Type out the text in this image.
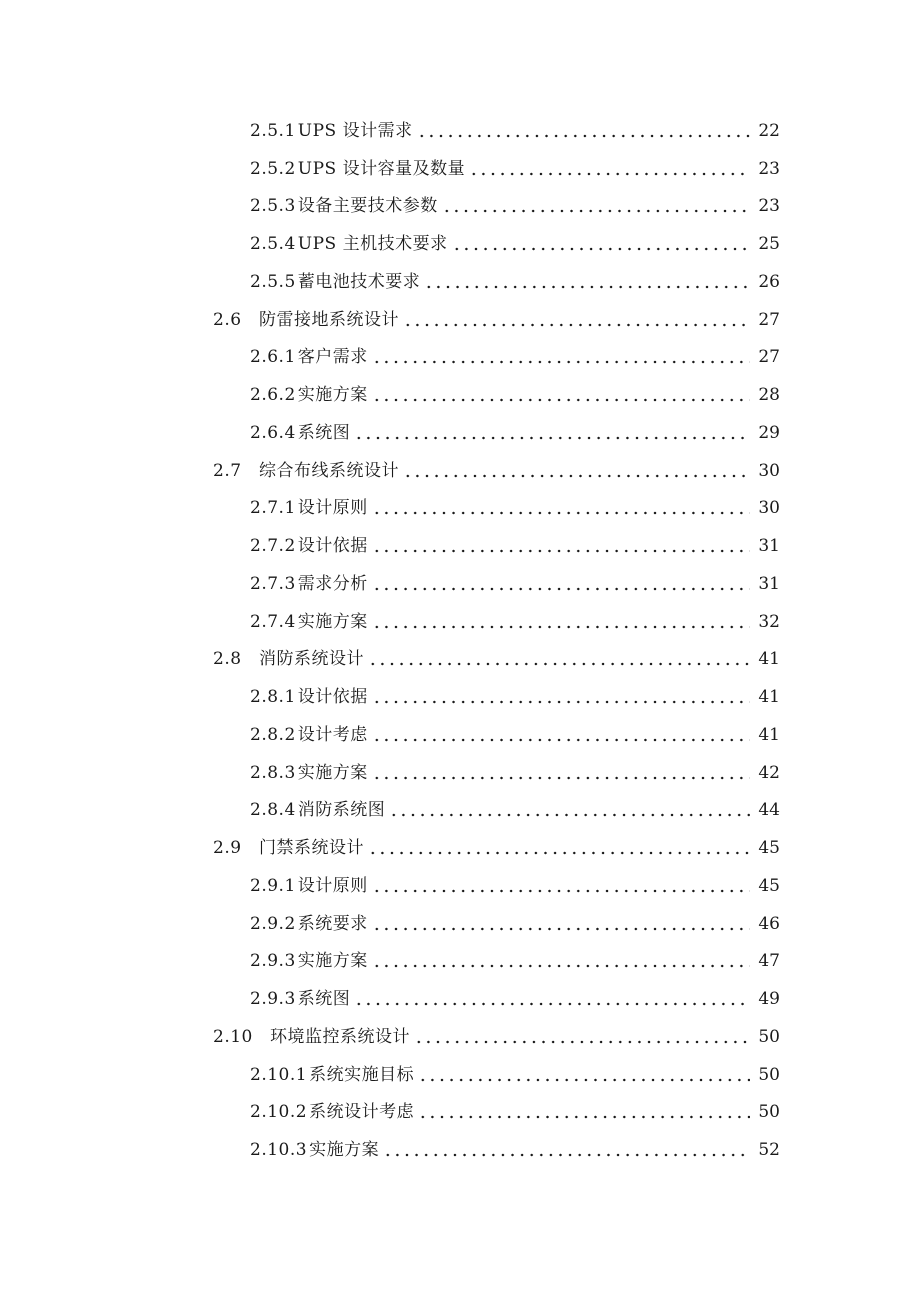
2.5.1 UPS 设计需求	22
2.5.2 UPS 设计容量及数量	23
2.5.3 设备主要技术参数	23
2.5.4 UPS 主机技术要求	25
2.5.5 蓄电池技术要求	26
2.6	防雷接地系统设计	27
2.6.1 客户需求	27
2.6.2 实施方案	28
2.6.4 系统图	29
2.7	综合布线系统设计	30
2.7.1 设计原则	30
2.7.2 设计依据	31
2.7.3 需求分析	31
2.7.4 实施方案	32
2.8	消防系统设计	41
2.8.1 设计依据	41
2.8.2 设计考虑	41
2.8.3 实施方案	42
2.8.4 消防系统图	44
2.9	门禁系统设计	45
2.9.1 设计原则	45
2.9.2 系统要求	46
2.9.3 实施方案	47
2.9.3 系统图	49
2.10	环境监控系统设计	50
2.10.1 系统实施目标	50
2.10.2 系统设计考虑	50
2.10.3 实施方案	52
